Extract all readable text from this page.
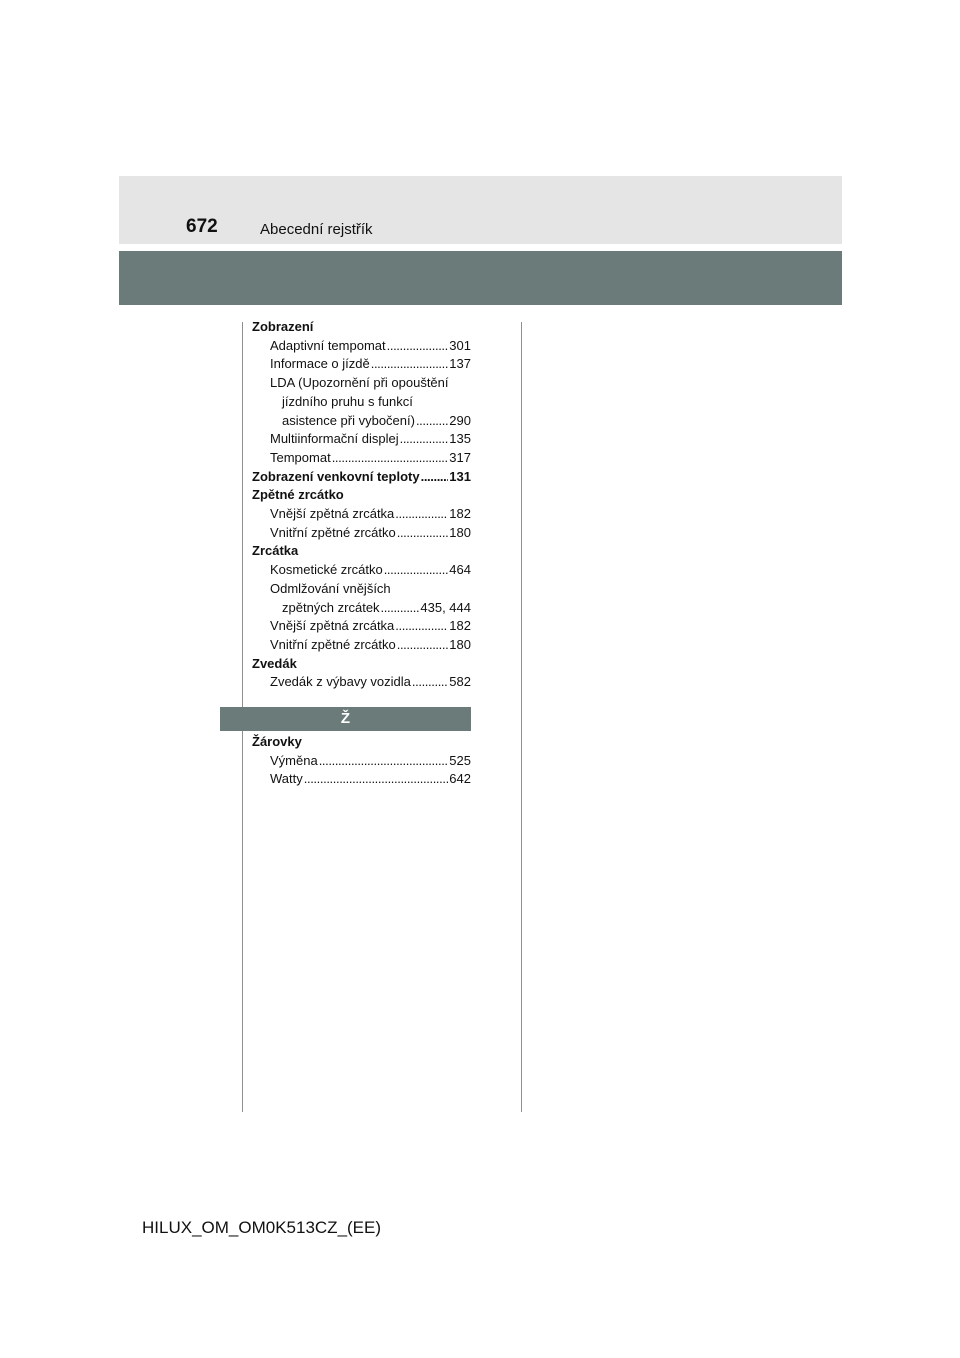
672	Abecední rejstřík
Zobrazení
Adaptivní tempomat . . .	301
Informace o jízdě . . .	137
LDA (Upozornění při opouštění
jízdního pruhu s funkcí
asistence při vybočení) . . .	290
Multiinformační displej . . .	135
Tempomat . . .	317
Zobrazení venkovní teploty . . . 131
Zpětné zrcátko
Vnější zpětná zrcátka . . .	182
Vnitřní zpětné zrcátko . . .	180
Zrcátka
Kosmetické zrcátko . . .	464
Odmlžování vnějších
zpětných zrcátek . . .	435, 444
Vnější zpětná zrcátka . . .	182
Vnitřní zpětné zrcátko . . .	180
Zvedák
Zvedák z výbavy vozidla . . .	582
Ž
Žárovky
Výměna . . .	525
Watty . . .	642
HILUX_OM_OM0K513CZ_(EE)
